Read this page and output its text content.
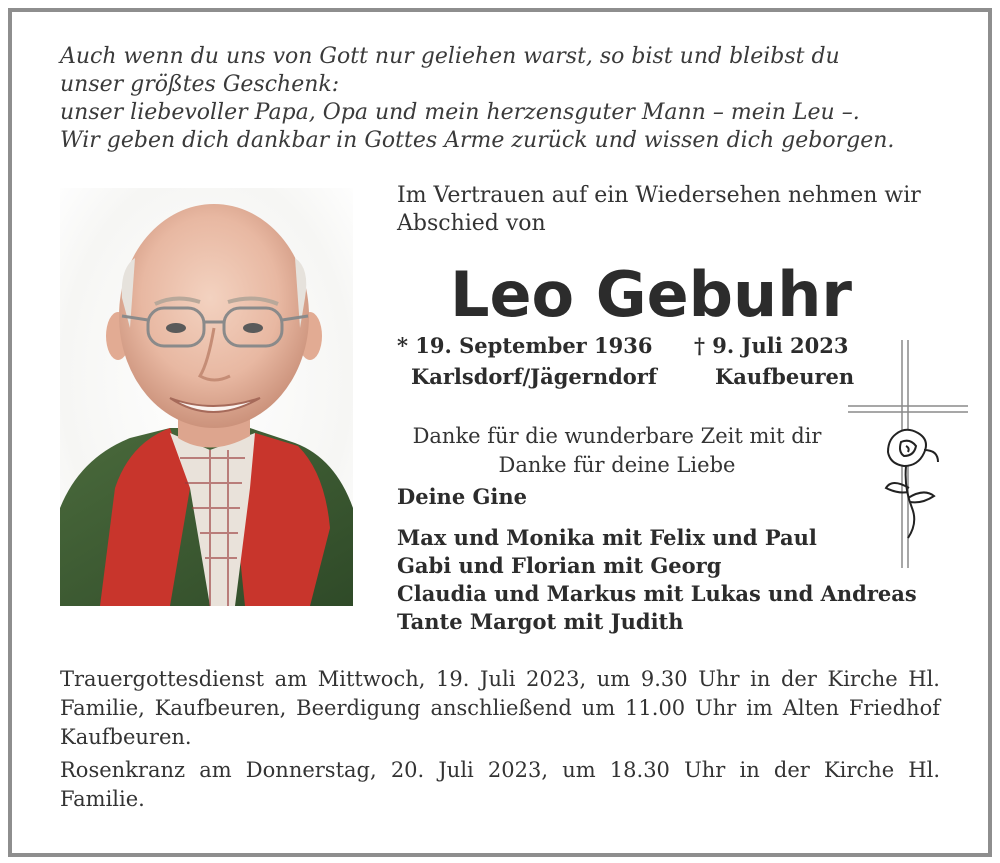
Auch wenn du uns von Gott nur geliehen warst, so bist und bleibst du
unser größtes Geschenk:
unser liebevoller Papa, Opa und mein herzensguter Mann – mein Leu –.
Wir geben dich dankbar in Gottes Arme zurück und wissen dich geborgen.
Im Vertrauen auf ein Wiedersehen nehmen wir
Abschied von
Leo Gebuhr
* 19. September 1936 † 9. Juli 2023
Karlsdorf/Jägerndorf	Kaufbeuren
Danke für die wunderbare Zeit mit dir
Danke für deine Liebe
Deine Gine
Max und Monika mit Felix und Paul
Gabi und Florian mit Georg
Claudia und Markus mit Lukas und Andreas
Tante Margot mit Judith

Trauergottesdienst am Mittwoch, 19. Juli 2023, um 9.30 Uhr in der Kirche Hl. Familie, Kaufbeuren, Beerdigung anschließend um 11.00 Uhr im Alten Friedhof Kaufbeuren.

Rosenkranz am Donnerstag, 20. Juli 2023, um 18.30 Uhr in der Kirche Hl. Familie.
